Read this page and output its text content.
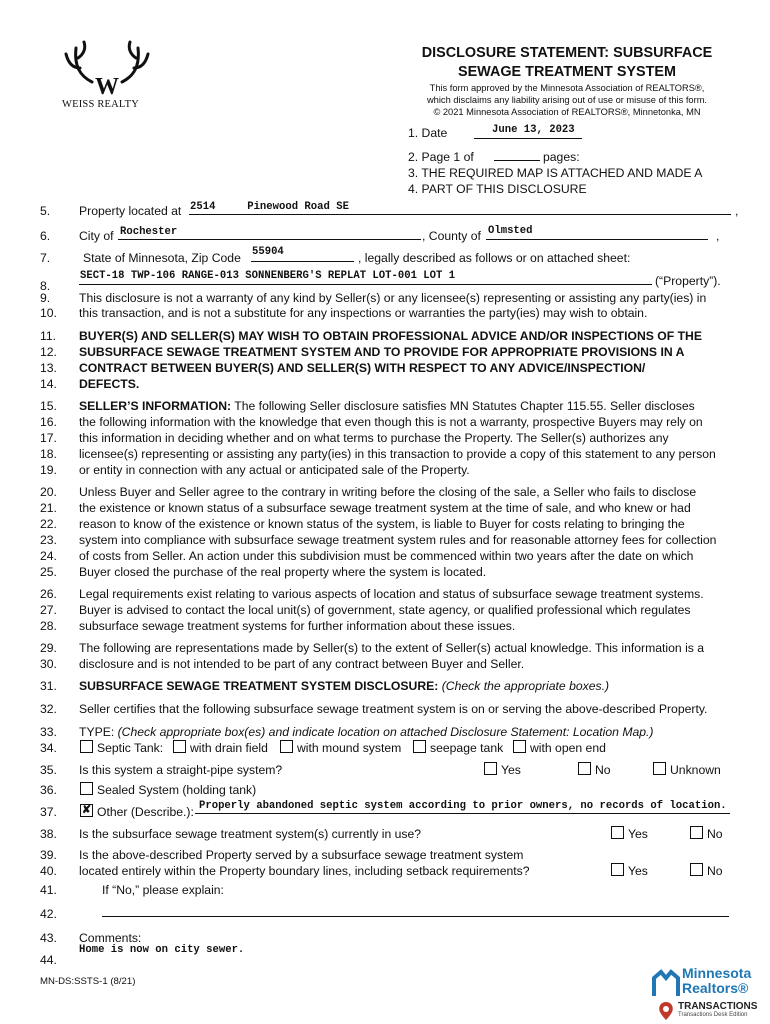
W
WEISS REALTY
DISCLOSURE STATEMENT: SUBSURFACE
SEWAGE TREATMENT SYSTEM
This form approved by the Minnesota Association of REALTORS®,
which disclaims any liability arising out of use or misuse of this form.
© 2021 Minnesota Association of REALTORS®, Minnetonka, MN
1. Date	June 13, 2023
2. Page 1 of	pages:
3. THE REQUIRED MAP IS ATTACHED AND MADE A
4. PART OF THIS DISCLOSURE
5.	Property located at 2514     Pinewood Road SE	,
6.	City of Rochester	, County of Olmsted	,
7.	State of Minnesota, Zip Code 55904	, legally described as follows or on attached sheet:
8.
SECT-18 TWP-106 RANGE-013 SONNENBERG'S REPLAT LOT-001 LOT 1	(“Property”).
9.	This disclosure is not a warranty of any kind by Seller(s) or any licensee(s) representing or assisting any party(ies) in
10.	this transaction, and is not a substitute for any inspections or warranties the party(ies) may wish to obtain.
11.	BUYER(S) AND SELLER(S) MAY WISH TO OBTAIN PROFESSIONAL ADVICE AND/OR INSPECTIONS OF THE
12.	SUBSURFACE SEWAGE TREATMENT SYSTEM AND TO PROVIDE FOR APPROPRIATE PROVISIONS IN A
13.	CONTRACT BETWEEN BUYER(S) AND SELLER(S) WITH RESPECT TO ANY ADVICE/INSPECTION/
14.	DEFECTS.
15.	SELLER’S INFORMATION: The following Seller disclosure satisfies MN Statutes Chapter 115.55. Seller discloses
16.	the following information with the knowledge that even though this is not a warranty, prospective Buyers may rely on
17.	this information in deciding whether and on what terms to purchase the Property. The Seller(s) authorizes any
18.	licensee(s) representing or assisting any party(ies) in this transaction to provide a copy of this statement to any person
19.	or entity in connection with any actual or anticipated sale of the Property.
20.	Unless Buyer and Seller agree to the contrary in writing before the closing of the sale, a Seller who fails to disclose
21.	the existence or known status of a subsurface sewage treatment system at the time of sale, and who knew or had
22.	reason to know of the existence or known status of the system, is liable to Buyer for costs relating to bringing the
23.	system into compliance with subsurface sewage treatment system rules and for reasonable attorney fees for collection
24.	of costs from Seller. An action under this subdivision must be commenced within two years after the date on which
25.	Buyer closed the purchase of the real property where the system is located.
26.	Legal requirements exist relating to various aspects of location and status of subsurface sewage treatment systems.
27.	Buyer is advised to contact the local unit(s) of government, state agency, or qualified professional which regulates
28.	subsurface sewage treatment systems for further information about these issues.
29.	The following are representations made by Seller(s) to the extent of Seller(s) actual knowledge. This information is a
30.	disclosure and is not intended to be part of any contract between Buyer and Seller.
31.	SUBSURFACE SEWAGE TREATMENT SYSTEM DISCLOSURE: (Check the appropriate boxes.)
32.	Seller certifies that the following subsurface sewage treatment system is on or serving the above-described Property.
33.	TYPE: (Check appropriate box(es) and indicate location on attached Disclosure Statement: Location Map.)
34.	Septic Tank: with drain field with mound system seepage tank with open end
35.	Is this system a straight-pipe system?	Yes	No	Unknown
36.	Sealed System (holding tank)
37.	✘ Other (Describe.): Properly abandoned septic system according to prior owners, no records of location.
38.	Is the subsurface sewage treatment system(s) currently in use?	Yes	No
39.	Is the above-described Property served by a subsurface sewage treatment system
40.	located entirely within the Property boundary lines, including setback requirements?	Yes	No
41.	If “No,” please explain:
42.
43.	Comments:
Home is now on city sewer.
44.
MN-DS:SSTS-1 (8/21)
Minnesota
Realtors®
TRANSACTIONS
Transactions Desk Edition
